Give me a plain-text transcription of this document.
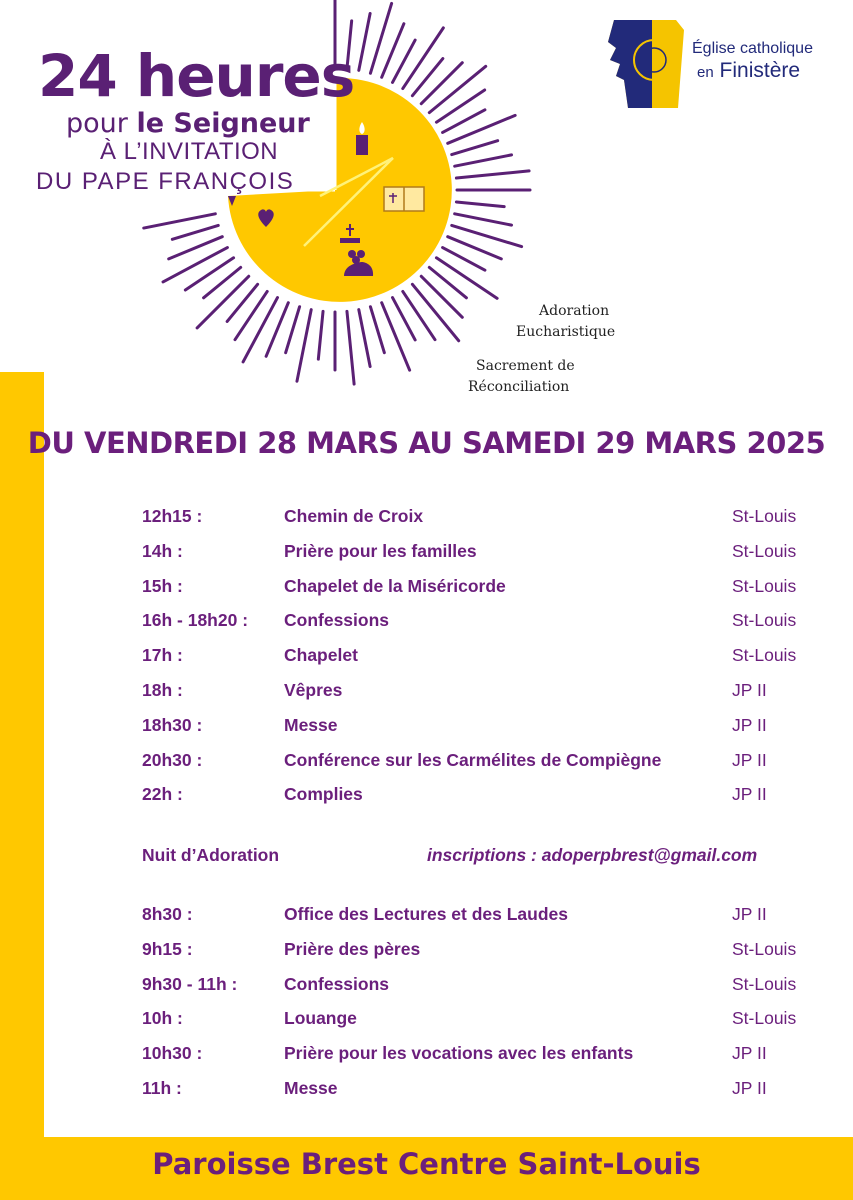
24 heures
pour le Seigneur
À L’INVITATION
DU PAPE FRANÇOIS
Adoration
Eucharistique
Sacrement de
Réconciliation
Église catholique
en Finistère
DU VENDREDI 28 MARS AU SAMEDI 29 MARS 2025
12h15 :	Chemin de Croix	St-Louis
14h :	Prière pour les familles	St-Louis
15h :	Chapelet de la Miséricorde	St-Louis
16h - 18h20 : Confessions	St-Louis
17h :	Chapelet	St-Louis
18h :	Vêpres	JP II
18h30 :	Messe	JP II
20h30 :	Conférence sur les Carmélites de Compiègne	JP II
22h :	Complies	JP II
Nuit d’Adoration	inscriptions : adoperpbrest@gmail.com
8h30 :	Office des Lectures et des Laudes	JP II
9h15 :	Prière des pères	St-Louis
9h30 - 11h :	Confessions	St-Louis
10h :	Louange	St-Louis
10h30 :	Prière pour les vocations avec les enfants	JP II
11h :	Messe	JP II
Paroisse Brest Centre Saint-Louis
